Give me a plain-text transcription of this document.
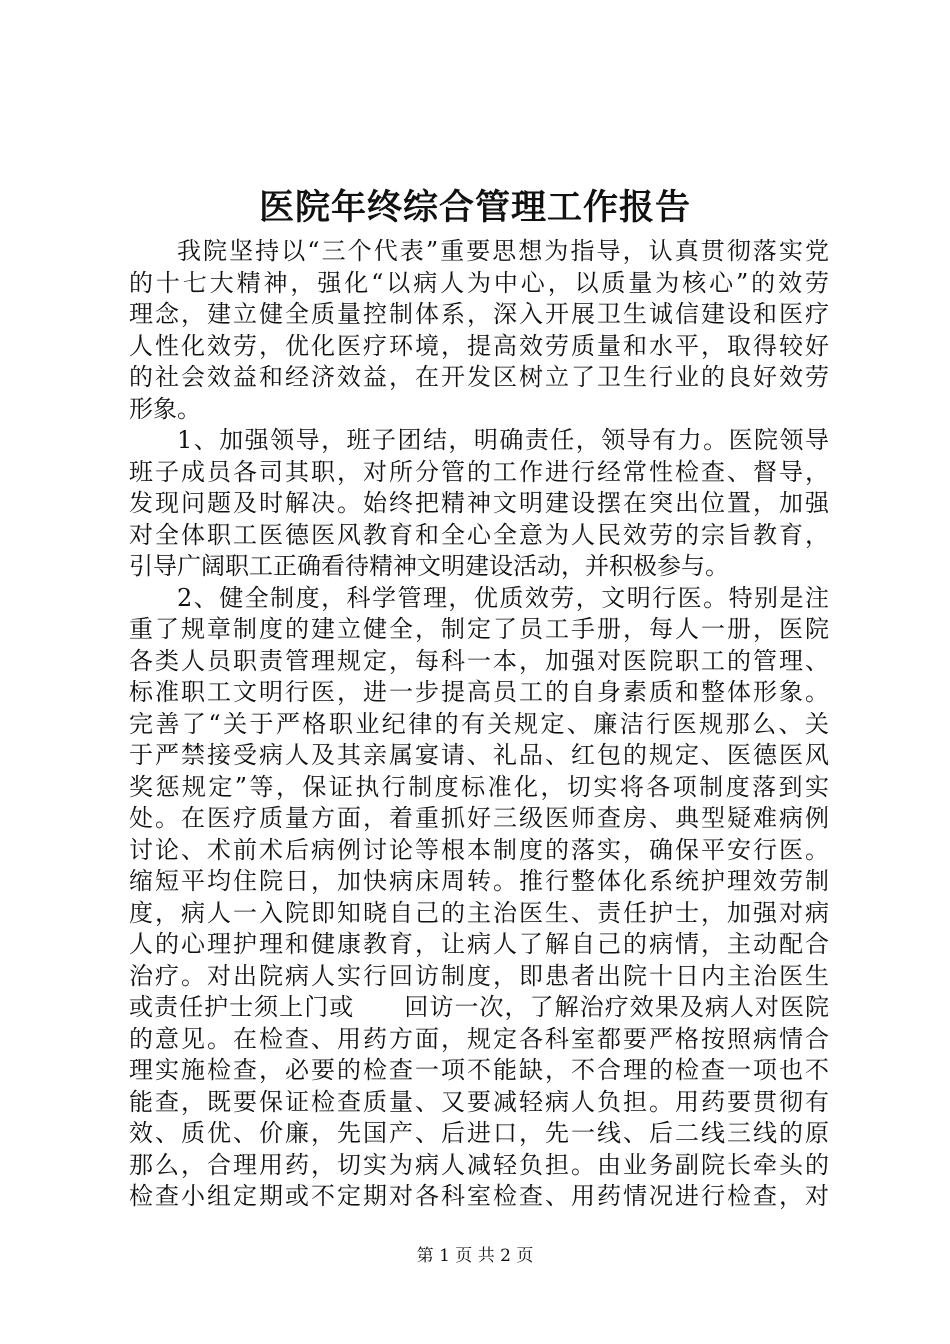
医院年终综合管理工作报告
我院坚持以“三个代表”重要思想为指导，认真贯彻落实党
的十七大精神，强化“以病人为中心，以质量为核心”的效劳
理念，建立健全质量控制体系，深入开展卫生诚信建设和医疗
人性化效劳，优化医疗环境，提高效劳质量和水平，取得较好
的社会效益和经济效益，在开发区树立了卫生行业的良好效劳
形象。
1、加强领导，班子团结，明确责任，领导有力。医院领导
班子成员各司其职，对所分管的工作进行经常性检查、督导，
发现问题及时解决。始终把精神文明建设摆在突出位置，加强
对全体职工医德医风教育和全心全意为人民效劳的宗旨教育，
引导广阔职工正确看待精神文明建设活动，并积极参与。
2、健全制度，科学管理，优质效劳，文明行医。特别是注
重了规章制度的建立健全，制定了员工手册，每人一册，医院
各类人员职责管理规定，每科一本，加强对医院职工的管理、
标准职工文明行医，进一步提高员工的自身素质和整体形象。
完善了“关于严格职业纪律的有关规定、廉洁行医规那么、关
于严禁接受病人及其亲属宴请、礼品、红包的规定、医德医风
奖惩规定”等，保证执行制度标准化，切实将各项制度落到实
处。在医疗质量方面，着重抓好三级医师查房、典型疑难病例
讨论、术前术后病例讨论等根本制度的落实，确保平安行医。
缩短平均住院日，加快病床周转。推行整体化系统护理效劳制
度，病人一入院即知晓自己的主治医生、责任护士，加强对病
人的心理护理和健康教育，让病人了解自己的病情，主动配合
治疗。对出院病人实行回访制度，即患者出院十日内主治医生
或责任护士须上门或　　回访一次，了解治疗效果及病人对医院
的意见。在检查、用药方面，规定各科室都要严格按照病情合
理实施检查，必要的检查一项不能缺，不合理的检查一项也不
能查，既要保证检查质量、又要减轻病人负担。用药要贯彻有
效、质优、价廉，先国产、后进口，先一线、后二线三线的原
那么，合理用药，切实为病人减轻负担。由业务副院长牵头的
检查小组定期或不定期对各科室检查、用药情况进行检查，对
第 1 页 共 2 页
